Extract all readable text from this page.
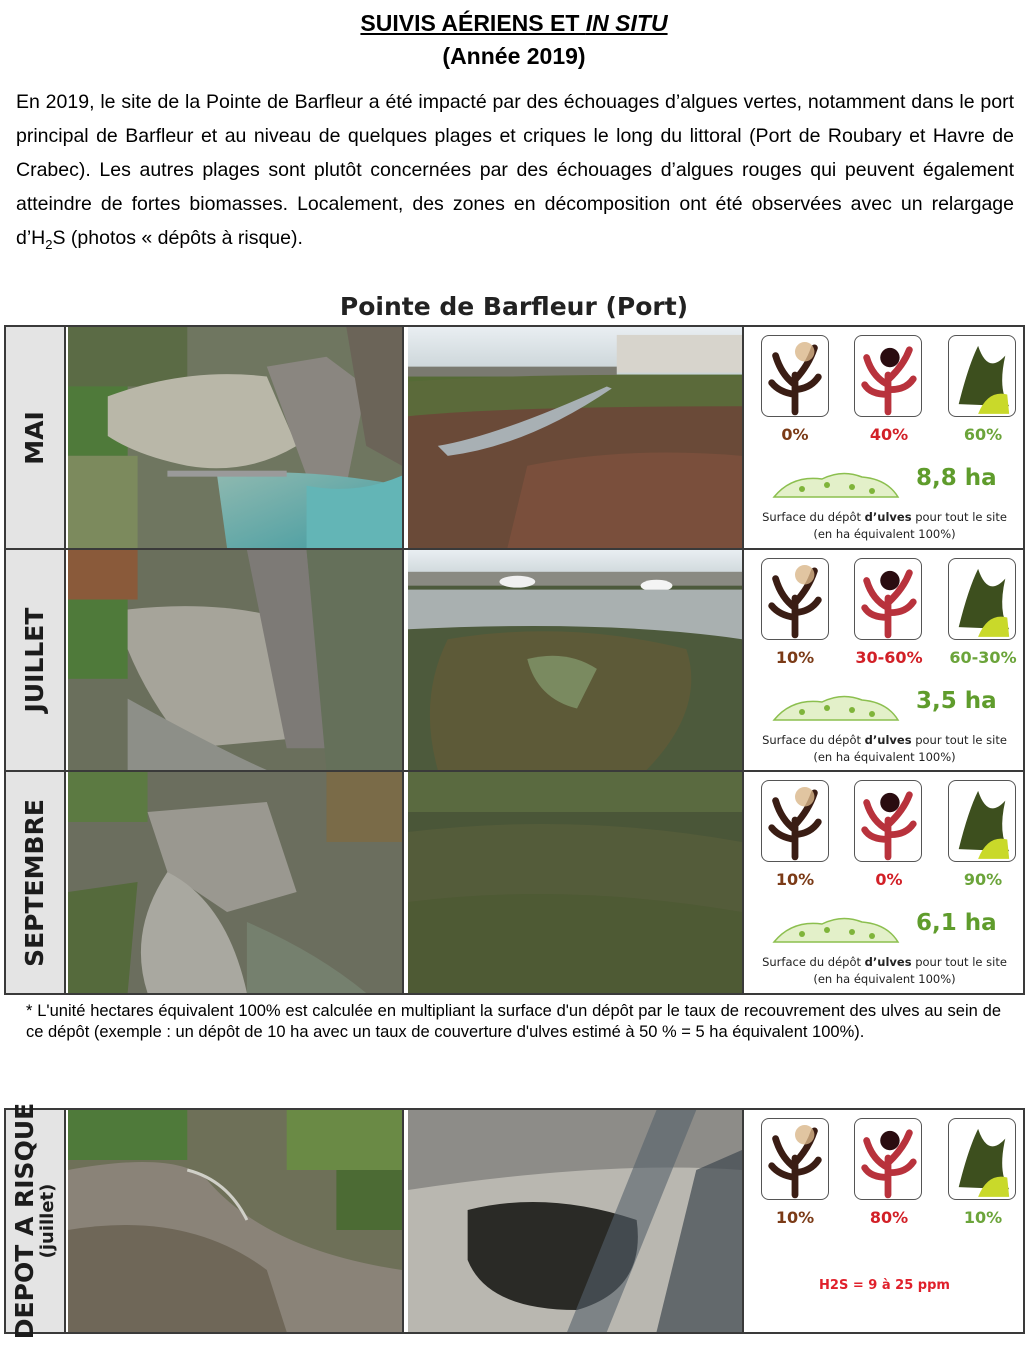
SUIVIS AÉRIENS ET IN SITU
(Année 2019)
En 2019, le site de la Pointe de Barfleur a été impacté par des échouages d’algues vertes, notamment dans le port principal de Barfleur et au niveau de quelques plages et criques le long du littoral (Port de Roubary et Havre de Crabec). Les autres plages sont plutôt concernées par des échouages d’algues rouges qui peuvent également atteindre de fortes biomasses. Localement, des zones en décomposition ont été observées avec un relargage $d’H_2S$ (photos « dépôts à risque).
Pointe de Barfleur (Port)
MAI	0%	40%	60%
8,8 ha
Surface du dépôt d’ulves pour tout le site
(en ha équivalent 100%)
JUILLET	10%	30-60%	60-30%
3,5 ha
Surface du dépôt d’ulves pour tout le site
(en ha équivalent 100%)
SEPTEMBRE	10%	0%	90%
6,1 ha
Surface du dépôt d’ulves pour tout le site
(en ha équivalent 100%)
* L'unité hectares équivalent 100% est calculée en multipliant la surface d'un dépôt par le taux de recouvrement des ulves au sein de ce dépôt (exemple : un dépôt de 10 ha avec un taux de couverture d'ulves estimé à 50 % = 5 ha équivalent 100%).
DEPOT A RISQUE
(juillet)	10%	80%	10%
H2S = 9 à 25 ppm
